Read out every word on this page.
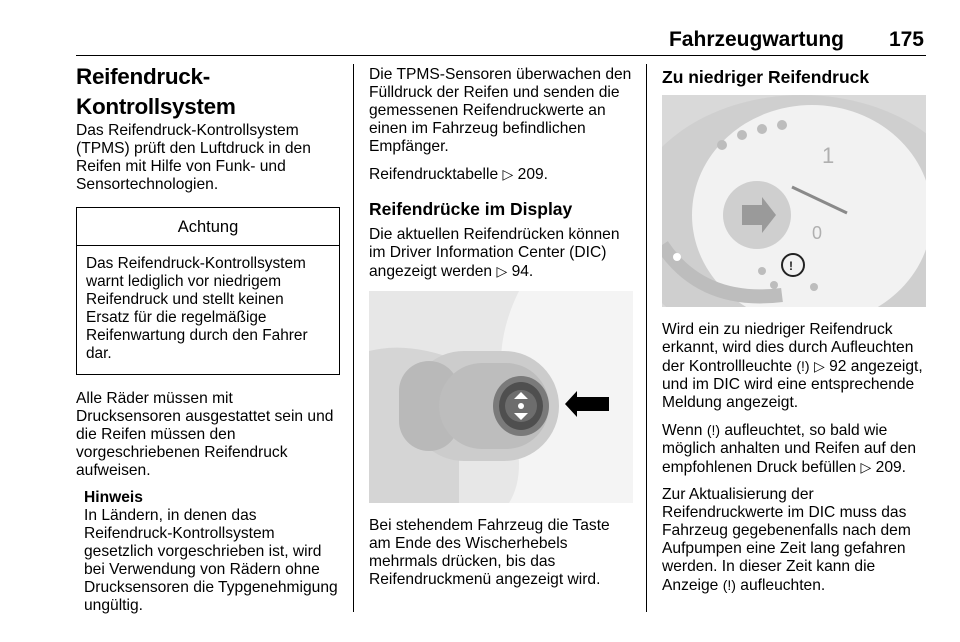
Fahrzeugwartung 175
Reifendruck-Kontrollsystem

Das Reifendruck-Kontrollsystem (TPMS) prüft den Luftdruck in den Reifen mit Hilfe von Funk- und Sensortechnologien.

Achtung
Das Reifendruck-Kontrollsystem warnt lediglich vor niedrigem Reifendruck und stellt keinen Ersatz für die regelmäßige Reifenwartung durch den Fahrer dar.

Alle Räder müssen mit Drucksensoren ausgestattet sein und die Reifen müssen den vorgeschriebenen Reifendruck aufweisen.

Hinweis

In Ländern, in denen das Reifendruck-Kontrollsystem gesetzlich vorgeschrieben ist, wird bei Verwendung von Rädern ohne Drucksensoren die Typgenehmigung ungültig.

Die TPMS-Sensoren überwachen den Fülldruck der Reifen und senden die gemessenen Reifendruckwerte an einen im Fahrzeug befindlichen Empfänger.

Reifendrucktabelle ▷ 209.

Reifendrücke im Display

Die aktuellen Reifendrücken können im Driver Information Center (DIC) angezeigt werden ▷ 94.

Bei stehendem Fahrzeug die Taste am Ende des Wischerhebels mehrmals drücken, bis das Reifendruckmenü angezeigt wird.

Zu niedriger Reifendruck
1
0
!

Wird ein zu niedriger Reifendruck erkannt, wird dies durch Aufleuchten der Kontrollleuchte (!) ▷ 92 angezeigt, und im DIC wird eine entsprechende Meldung angezeigt.

Wenn (!) aufleuchtet, so bald wie möglich anhalten und Reifen auf den empfohlenen Druck befüllen ▷ 209.

Zur Aktualisierung der Reifendruckwerte im DIC muss das Fahrzeug gegebenenfalls nach dem Aufpumpen eine Zeit lang gefahren werden. In dieser Zeit kann die Anzeige (!) aufleuchten.
